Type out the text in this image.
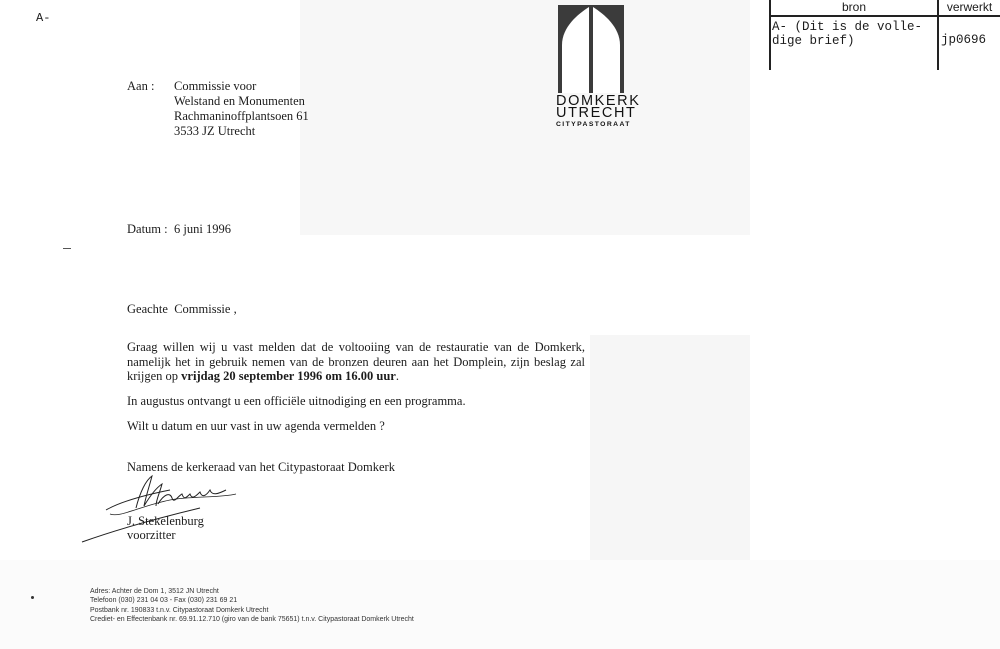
A-
bron	verwerkt
A- (Dit is de volle-
dige brief)	jp0696
DOMKERK
UTRECHT
CITYPASTORAAT
Aan : Commissie voor
Welstand en Monumenten
Rachmaninoffplantsoen 61
3533 JZ Utrecht
Datum : 6 juni 1996
Geachte  Commissie ,
Graag willen wij u vast melden dat de voltooiing van de restauratie van de Domkerk,
namelijk het in gebruik nemen van de bronzen deuren aan het Domplein, zijn beslag zal
krijgen op vrijdag 20 september 1996 om 16.00 uur.
In augustus ontvangt u een officiële uitnodiging en een programma.
Wilt u datum en uur vast in uw agenda vermelden ?
Namens de kerkeraad van het Citypastoraat Domkerk
J. Stekelenburg
voorzitter
Adres: Achter de Dom 1, 3512 JN Utrecht
Telefoon (030) 231 04 03 - Fax (030) 231 69 21
Postbank nr. 190833 t.n.v. Citypastoraat Domkerk Utrecht
Crediet- en Effectenbank nr. 69.91.12.710 (giro van de bank 75651) t.n.v. Citypastoraat Domkerk Utrecht
